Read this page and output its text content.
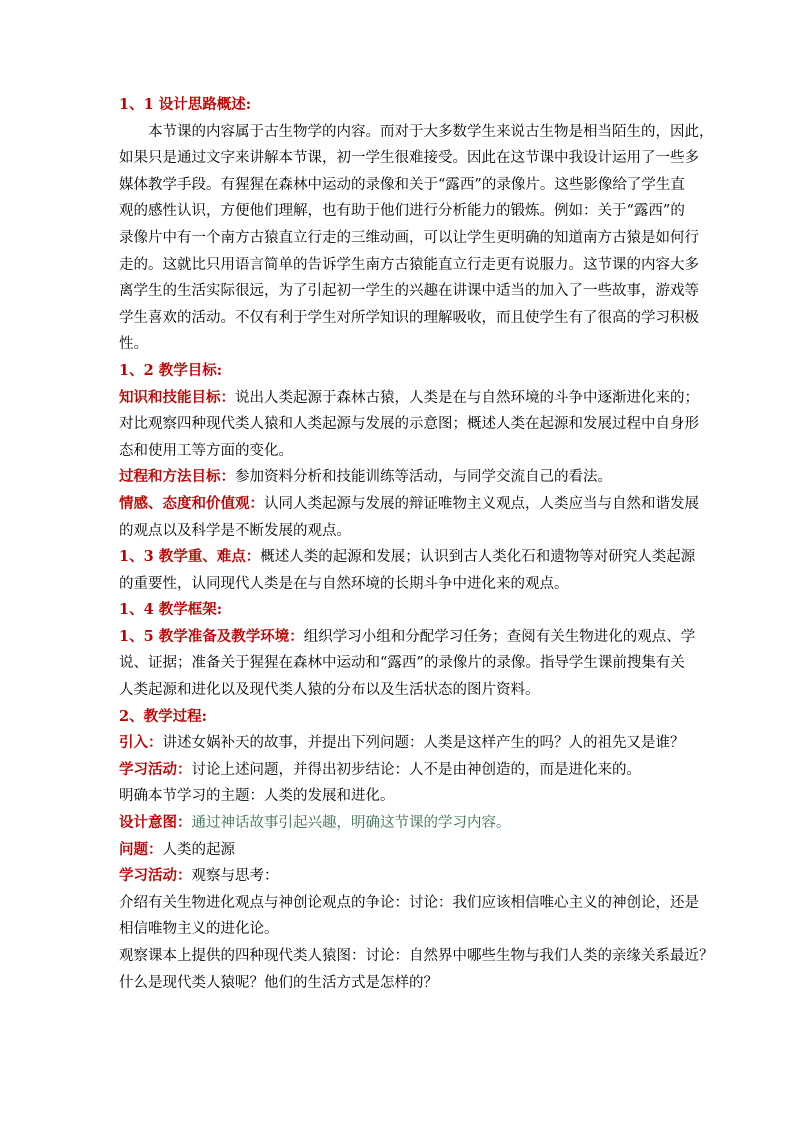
1、1 设计思路概述:

本节课的内容属于古生物学的内容。而对于大多数学生来说古生物是相当陌生的，因此，

如果只是通过文字来讲解本节课，初一学生很难接受。因此在这节课中我设计运用了一些多

媒体教学手段。有猩猩在森林中运动的录像和关于“露西”的录像片。这些影像给了学生直

观的感性认识，方便他们理解，也有助于他们进行分析能力的锻炼。例如：关于“露西”的

录像片中有一个南方古猿直立行走的三维动画，可以让学生更明确的知道南方古猿是如何行

走的。这就比只用语言简单的告诉学生南方古猿能直立行走更有说服力。这节课的内容大多

离学生的生活实际很远，为了引起初一学生的兴趣在讲课中适当的加入了一些故事，游戏等

学生喜欢的活动。不仅有利于学生对所学知识的理解吸收，而且使学生有了很高的学习积极

性。

1、2 教学目标:

知识和技能目标：说出人类起源于森林古猿，人类是在与自然环境的斗争中逐渐进化来的；

对比观察四种现代类人猿和人类起源与发展的示意图；概述人类在起源和发展过程中自身形

态和使用工等方面的变化。

过程和方法目标：参加资料分析和技能训练等活动，与同学交流自己的看法。

情感、态度和价值观：认同人类起源与发展的辩证唯物主义观点，人类应当与自然和谐发展

的观点以及科学是不断发展的观点。

1、3 教学重、难点：概述人类的起源和发展；认识到古人类化石和遗物等对研究人类起源

的重要性，认同现代人类是在与自然环境的长期斗争中进化来的观点。

1、4 教学框架:

1、5 教学准备及教学环境：组织学习小组和分配学习任务；查阅有关生物进化的观点、学

说、证据；准备关于猩猩在森林中运动和“露西”的录像片的录像。指导学生课前搜集有关

人类起源和进化以及现代类人猿的分布以及生活状态的图片资料。

2、教学过程:

引入：讲述女娲补天的故事，并提出下列问题：人类是这样产生的吗？人的祖先又是谁？

学习活动：讨论上述问题，并得出初步结论：人不是由神创造的，而是进化来的。

明确本节学习的主题：人类的发展和进化。

设计意图：通过神话故事引起兴趣，明确这节课的学习内容。

问题：人类的起源

学习活动：观察与思考：

介绍有关生物进化观点与神创论观点的争论：讨论：我们应该相信唯心主义的神创论，还是

相信唯物主义的进化论。

观察课本上提供的四种现代类人猿图：讨论：自然界中哪些生物与我们人类的亲缘关系最近？

什么是现代类人猿呢？他们的生活方式是怎样的？
